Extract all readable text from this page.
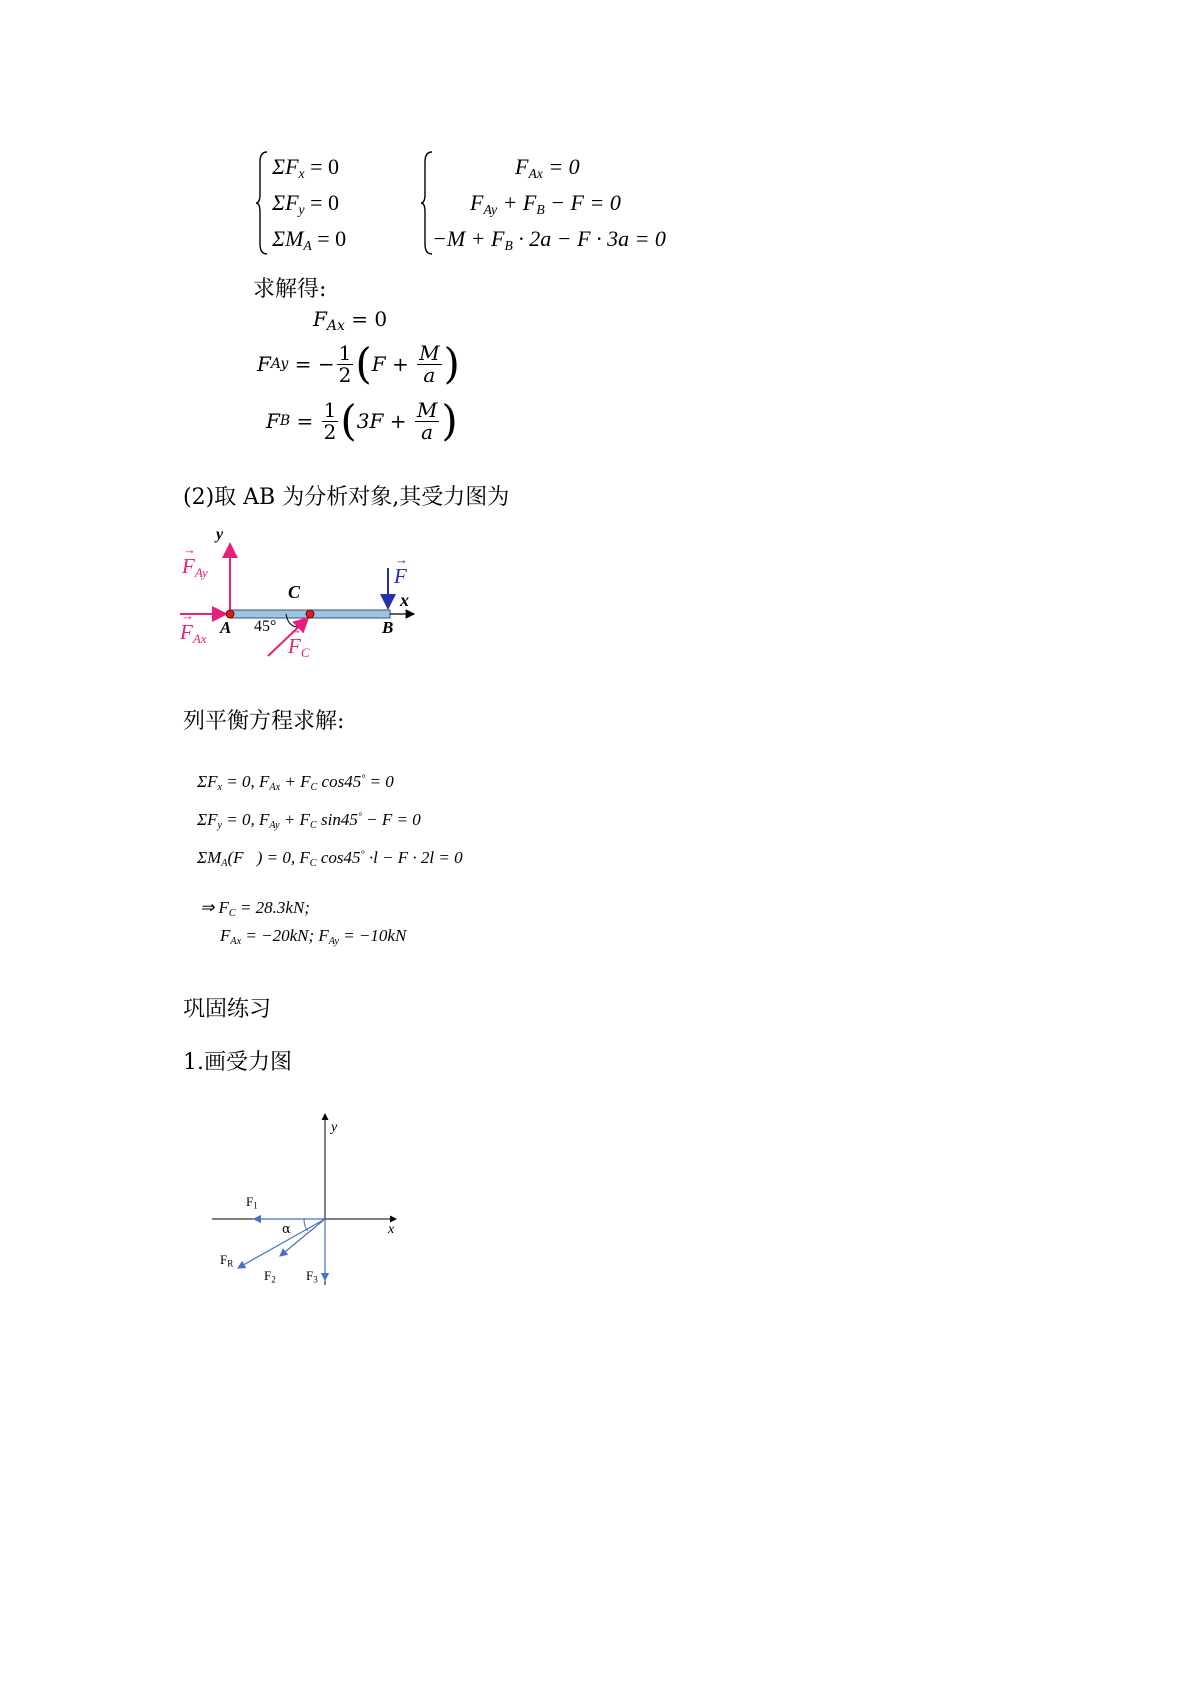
$\Sigma F_x = 0$
$\Sigma F_y = 0$
$\Sigma M_A = 0$
$F_{Ax} = 0$
$F_{Ay} + F_B - F = 0$
$-M + F_B \cdot 2a - F \cdot 3a = 0$
求解得:
$F_{Ax} = 0$
F Ay = − $\frac{1}{2}$ ( $F + \frac{M}{a}$ )
F $B = \frac{1}{2}$ ( $3F + \frac{M}{a}$ )
(2)取 AB 为分析对象,其受力图为
y
x
A	B
C
45°
F
→
$_{Ay}$
F
→
$_{Ax}$	F
→
$_C$
F
→
列平衡方程求解:
$\Sigma F_x = 0$, $F_{Ax} + F_C$ cos45° = 0
$\Sigma F_y = 0$, $F_{Ay} + F_C$ sin45° − F = 0
$\Sigma M_A(F⃗) = 0$, $F_C$ cos45° ·l − F · 2l = 0
⇒ $F_C = 28.3kN$;
$F_{Ax} = -20kN$; $F_{Ay} = -10kN$
巩固练习
1.画受力图
y
x
$F_1$
α
$F_R$
$F_2$ $F_3$
